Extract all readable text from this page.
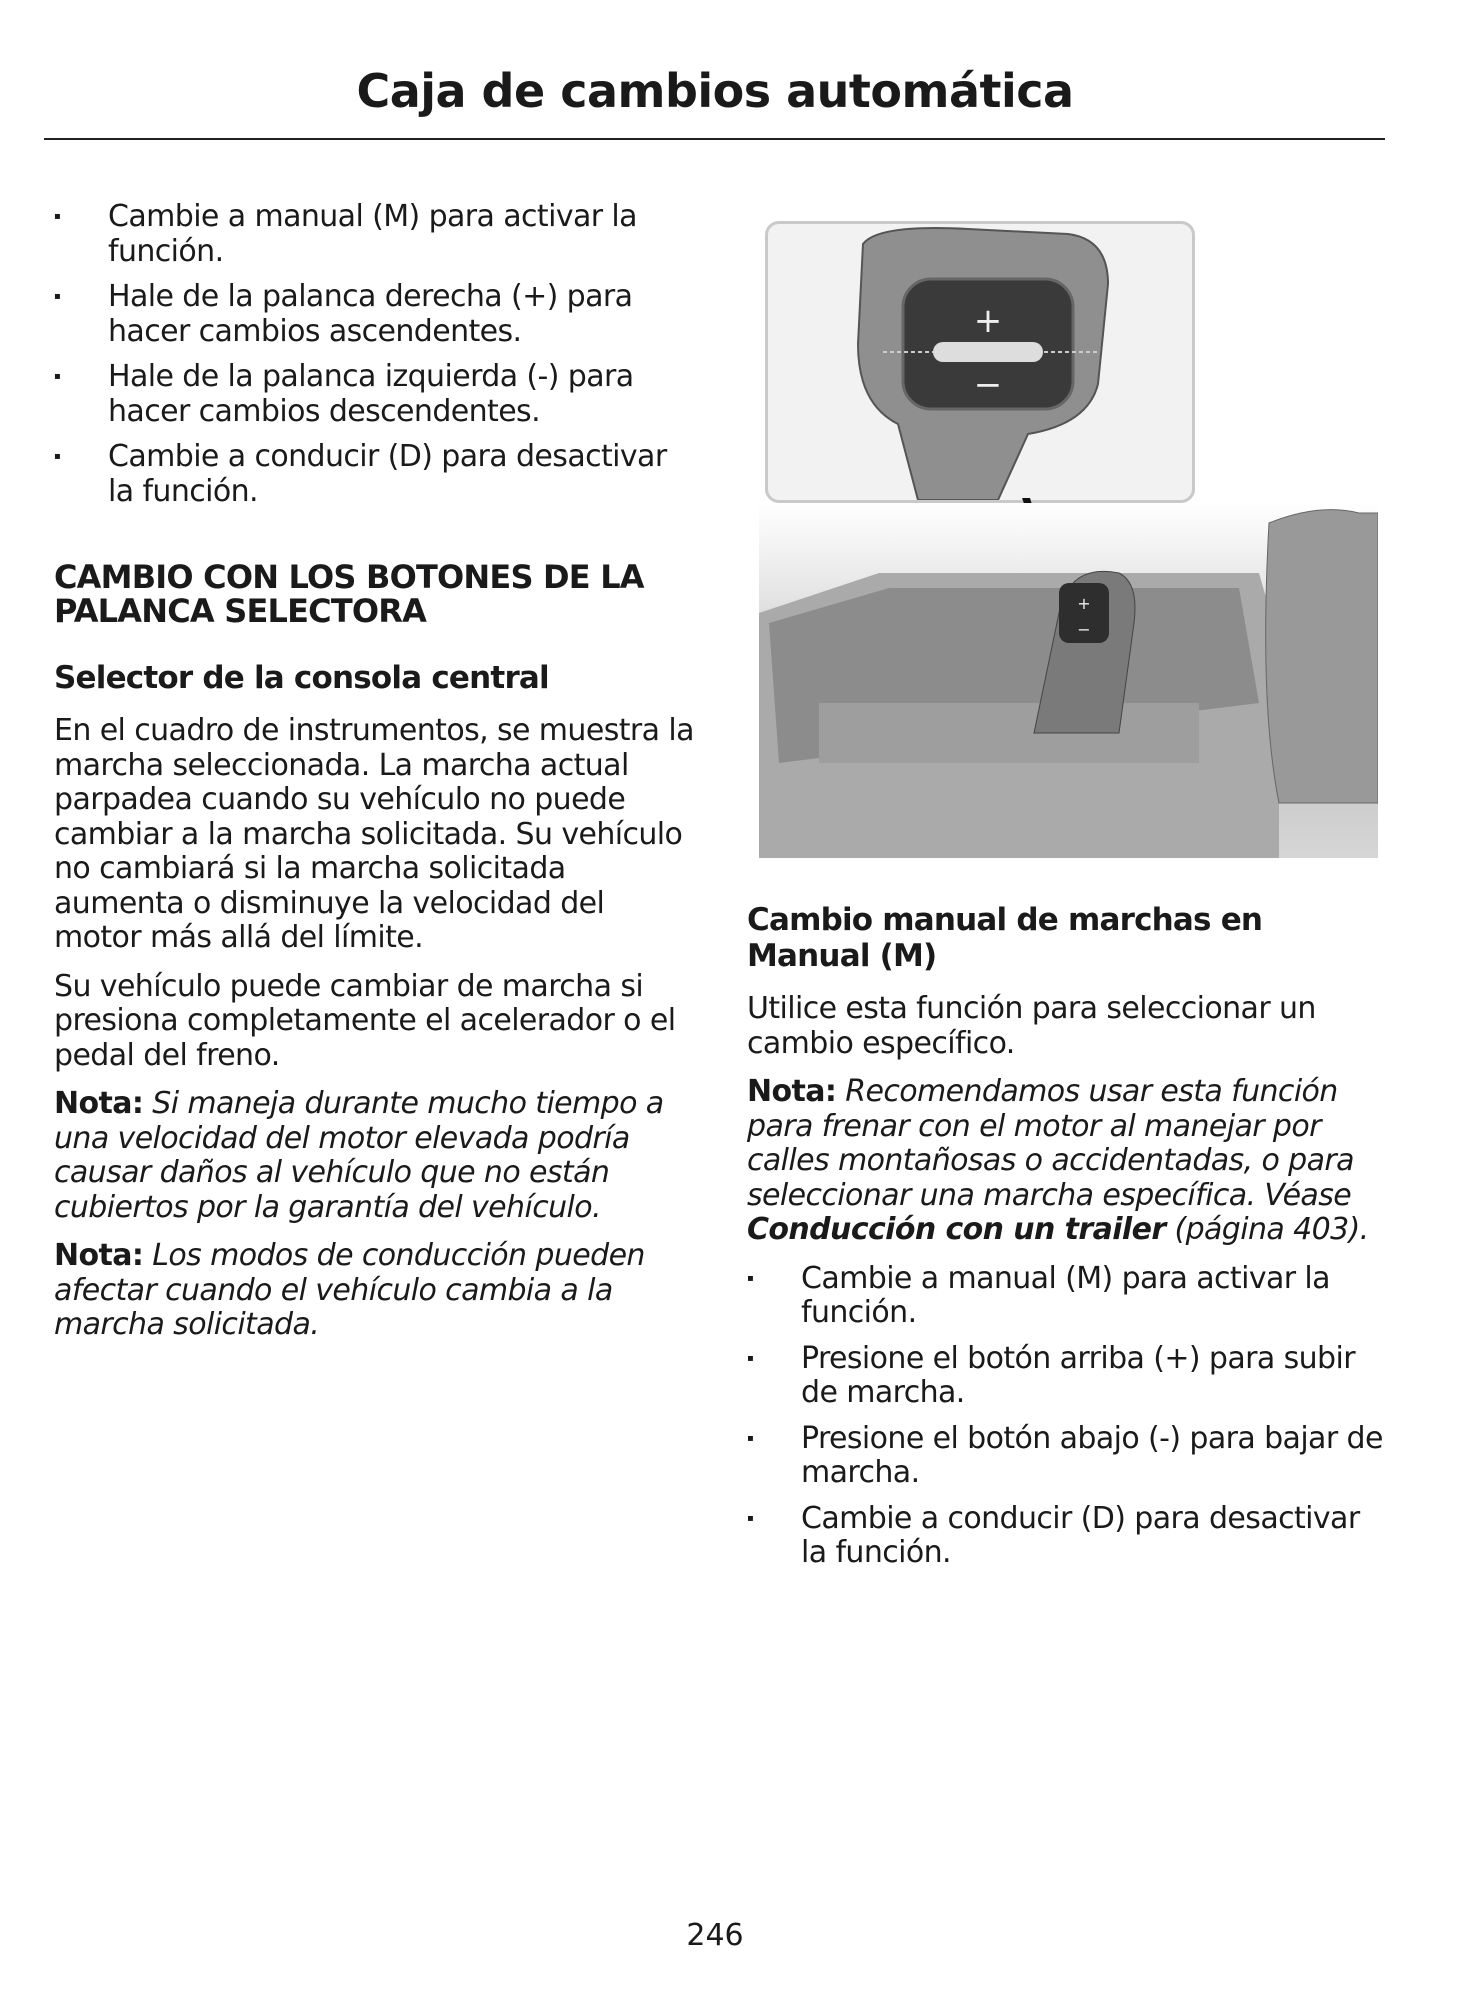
Caja de cambios automática
▪ Cambie a manual (M) para activar la función.
▪ Hale de la palanca derecha (+) para hacer cambios ascendentes.
▪ Hale de la palanca izquierda (-) para hacer cambios descendentes.
▪ Cambie a conducir (D) para desactivar la función.
CAMBIO CON LOS BOTONES DE LA PALANCA SELECTORA
Selector de la consola central

En el cuadro de instrumentos, se muestra la marcha seleccionada. La marcha actual parpadea cuando su vehículo no puede cambiar a la marcha solicitada. Su vehículo no cambiará si la marcha solicitada aumenta o disminuye la velocidad del motor más allá del límite.

Su vehículo puede cambiar de marcha si presiona completamente el acelerador o el pedal del freno.

Nota: Si maneja durante mucho tiempo a una velocidad del motor elevada podría causar daños al vehículo que no están cubiertos por la garantía del vehículo.

Nota: Los modos de conducción pueden afectar cuando el vehículo cambia a la marcha solicitada.

+
−
+
−
Cambio manual de marchas en Manual (M)

Utilice esta función para seleccionar un cambio específico.

Nota: Recomendamos usar esta función para frenar con el motor al manejar por calles montañosas o accidentadas, o para seleccionar una marcha específica. Véase Conducción con un trailer (página 403).

▪ Cambie a manual (M) para activar la función.
▪ Presione el botón arriba (+) para subir de marcha.
▪ Presione el botón abajo (-) para bajar de marcha.
▪ Cambie a conducir (D) para desactivar la función.
246
